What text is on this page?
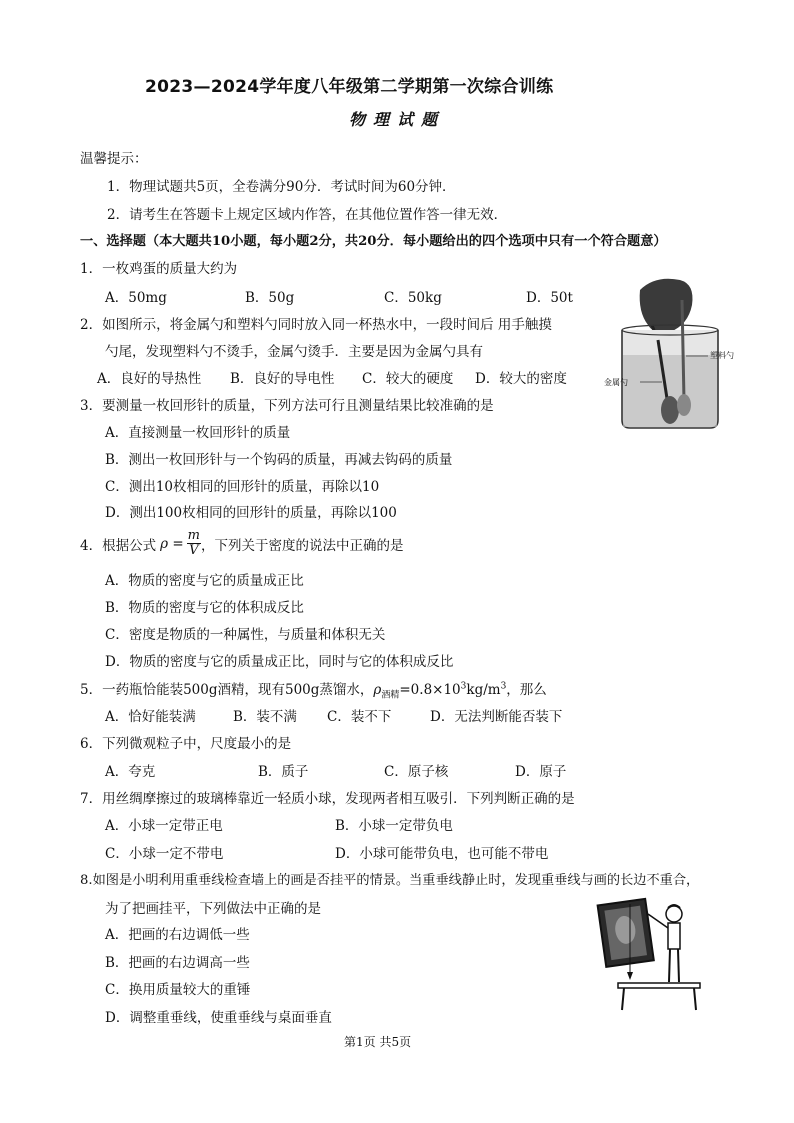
2023—2024学年度八年级第二学期第一次综合训练
物理试题
温馨提示：
1．物理试题共5页，全卷满分90分．考试时间为60分钟．
2．请考生在答题卡上规定区域内作答，在其他位置作答一律无效．
一、选择题（本大题共10小题，每小题2分，共20分．每小题给出的四个选项中只有一个符合题意）
1．一枚鸡蛋的质量大约为
A．50mg	B．50g	C．50kg	D．50t
2．如图所示，将金属勺和塑料勺同时放入同一杯热水中，一段时间后 用手触摸
勺尾，发现塑料勺不烫手，金属勺烫手．主要是因为金属勺具有
A．良好的导热性 B．良好的导电性 C．较大的硬度 D．较大的密度
塑料勺
金属勺
3．要测量一枚回形针的质量，下列方法可行且测量结果比较准确的是
A．直接测量一枚回形针的质量
B．测出一枚回形针与一个钩码的质量，再减去钩码的质量
C．测出10枚相同的回形针的质量，再除以10
D．测出100枚相同的回形针的质量，再除以100
4．根据公式 $\rho = \frac{m}{V}$ ，下列关于密度的说法中正确的是
A．物质的密度与它的质量成正比
B．物质的密度与它的体积成反比
C．密度是物质的一种属性，与质量和体积无关
D．物质的密度与它的质量成正比，同时与它的体积成反比
5．一药瓶恰能装500g酒精，现有500g蒸馏水，$\rho_{酒精}=0.8\times 10^3kg/m^3$，那么
A．恰好能装满	B．装不满 C．装不下	D．无法判断能否装下
6．下列微观粒子中，尺度最小的是
A．夸克	B．质子	C．原子核	D．原子
7．用丝绸摩擦过的玻璃棒靠近一轻质小球，发现两者相互吸引．下列判断正确的是
A．小球一定带正电	B．小球一定带负电
C．小球一定不带电	D．小球可能带负电，也可能不带电
8.如图是小明利用重垂线检查墙上的画是否挂平的情景。当重垂线静止时，发现重垂线与画的长边不重合，
为了把画挂平，下列做法中正确的是
A．把画的右边调低一些
B．把画的右边调高一些
C．换用质量较大的重锤
D．调整重垂线，使重垂线与桌面垂直
第1页 共5页
